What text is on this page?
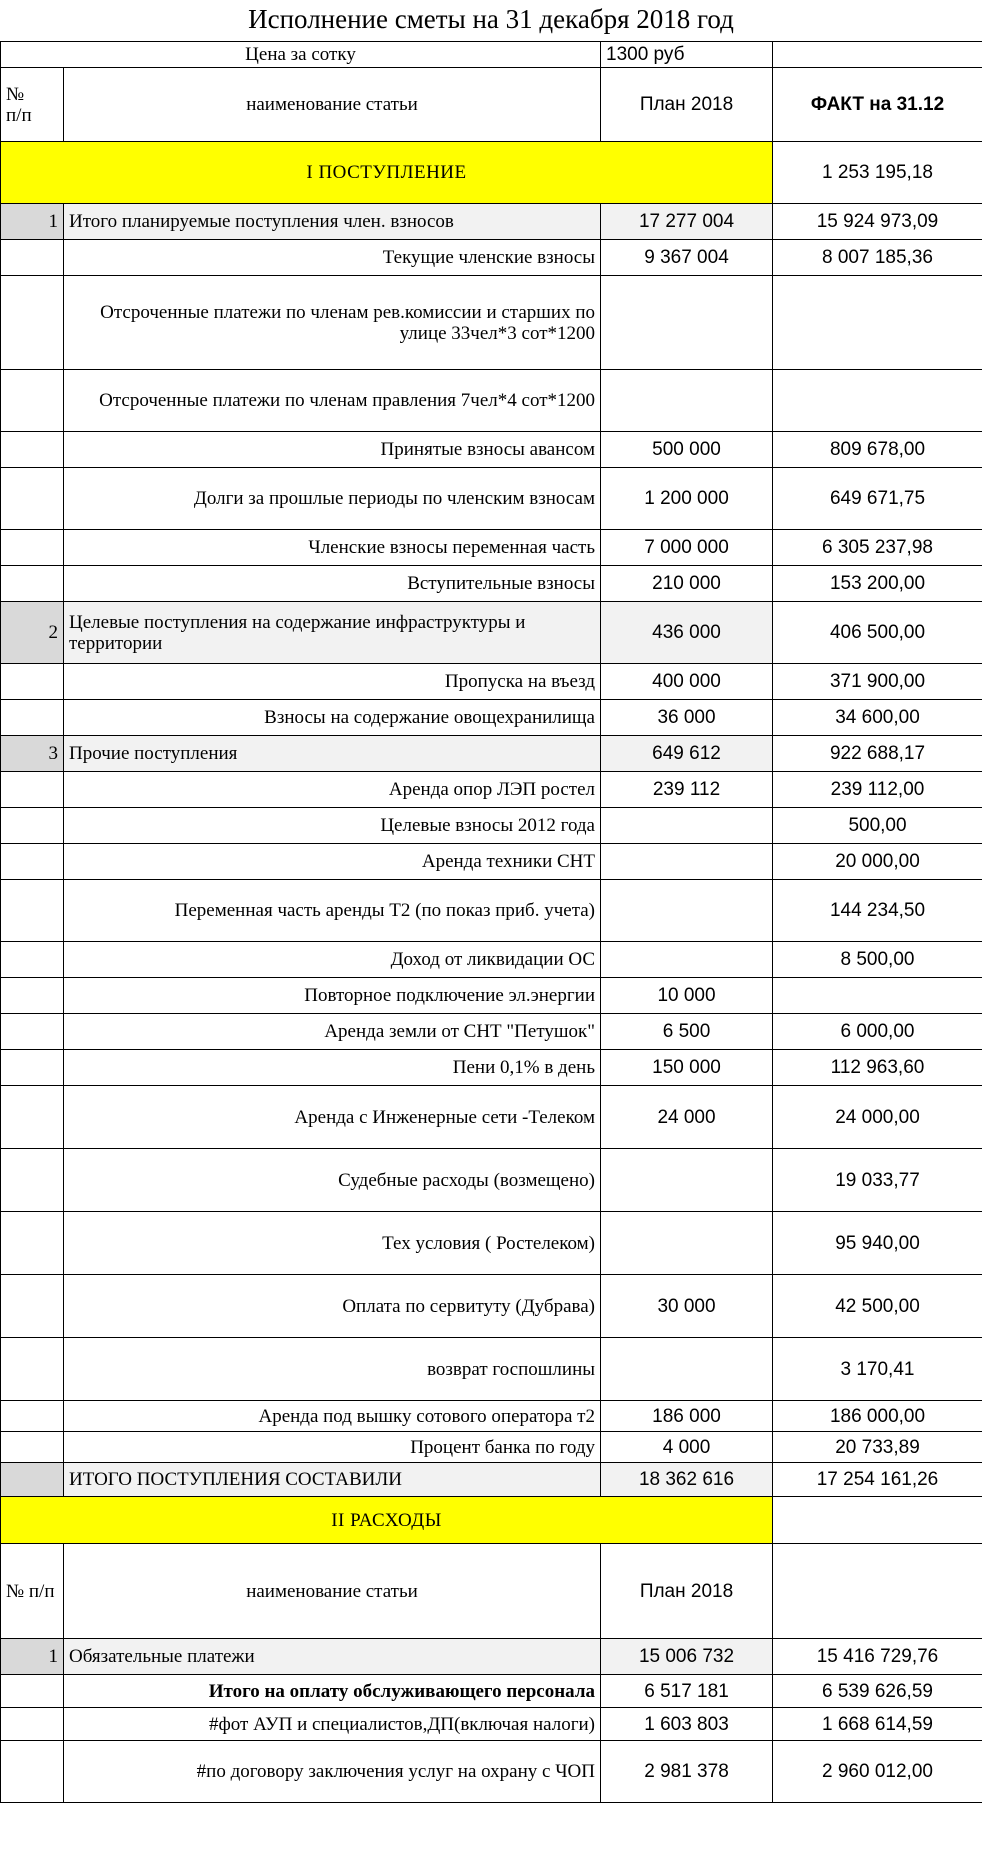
Исполнение сметы на 31 декабря 2018 год
Цена за сотку		1300 руб	

№
п/п	наименование статьи	План 2018	ФАКТ на 31.12
I ПОСТУПЛЕНИЕ			1 253 195,18
1	Итого планируемые поступления член. взносов	17 277 004	15 924 973,09
	Текущие членские взносы	9 367 004	8 007 185,36
	Отсроченные платежи по членам рев.комиссии и старших по улице 33чел*3 сот*1200		
	Отсроченные платежи по членам правления 7чел*4 сот*1200		
	Принятые взносы авансом	500 000	809 678,00
	Долги за прошлые периоды по членским взносам	1 200 000	649 671,75
	Членские взносы переменная часть	7 000 000	6 305 237,98
	Вступительные взносы	210 000	153 200,00
2	Целевые поступления на содержание инфраструктуры и территории	436 000	406 500,00
	Пропуска на въезд	400 000	371 900,00
	Взносы на содержание овощехранилища	36 000	34 600,00
3	Прочие поступления	649 612	922 688,17
	Аренда опор ЛЭП ростел	239 112	239 112,00
	Целевые взносы 2012 года		500,00
	Аренда техники СНТ		20 000,00
	Переменная часть аренды Т2 (по показ приб. учета)		144 234,50
	Доход от ликвидации ОС		8 500,00
	Повторное подключение эл.энергии	10 000	
	Аренда земли от СНТ "Петушок"	6 500	6 000,00
	Пени 0,1% в день	150 000	112 963,60
	Аренда с Инженерные сети -Телеком	24 000	24 000,00
	Судебные расходы (возмещено)		19 033,77
	Тех условия ( Ростелеком)		95 940,00
	Оплата по сервитуту (Дубрава)	30 000	42 500,00
	возврат госпошлины		3 170,41
	Аренда под вышку сотового оператора т2	186 000	186 000,00
	Процент банка по году	4 000	20 733,89
	ИТОГО ПОСТУПЛЕНИЯ СОСТАВИЛИ	18 362 616	17 254 161,26
II РАСХОДЫ			
№ п/п	наименование статьи	План 2018	
1	Обязательные платежи	15 006 732	15 416 729,76
	Итого на оплату обслуживающего персонала	6 517 181	6 539 626,59
	#фот АУП и специалистов,ДП(включая налоги)	1 603 803	1 668 614,59
	#по договору заключения услуг на охрану с ЧОП	2 981 378	2 960 012,00
